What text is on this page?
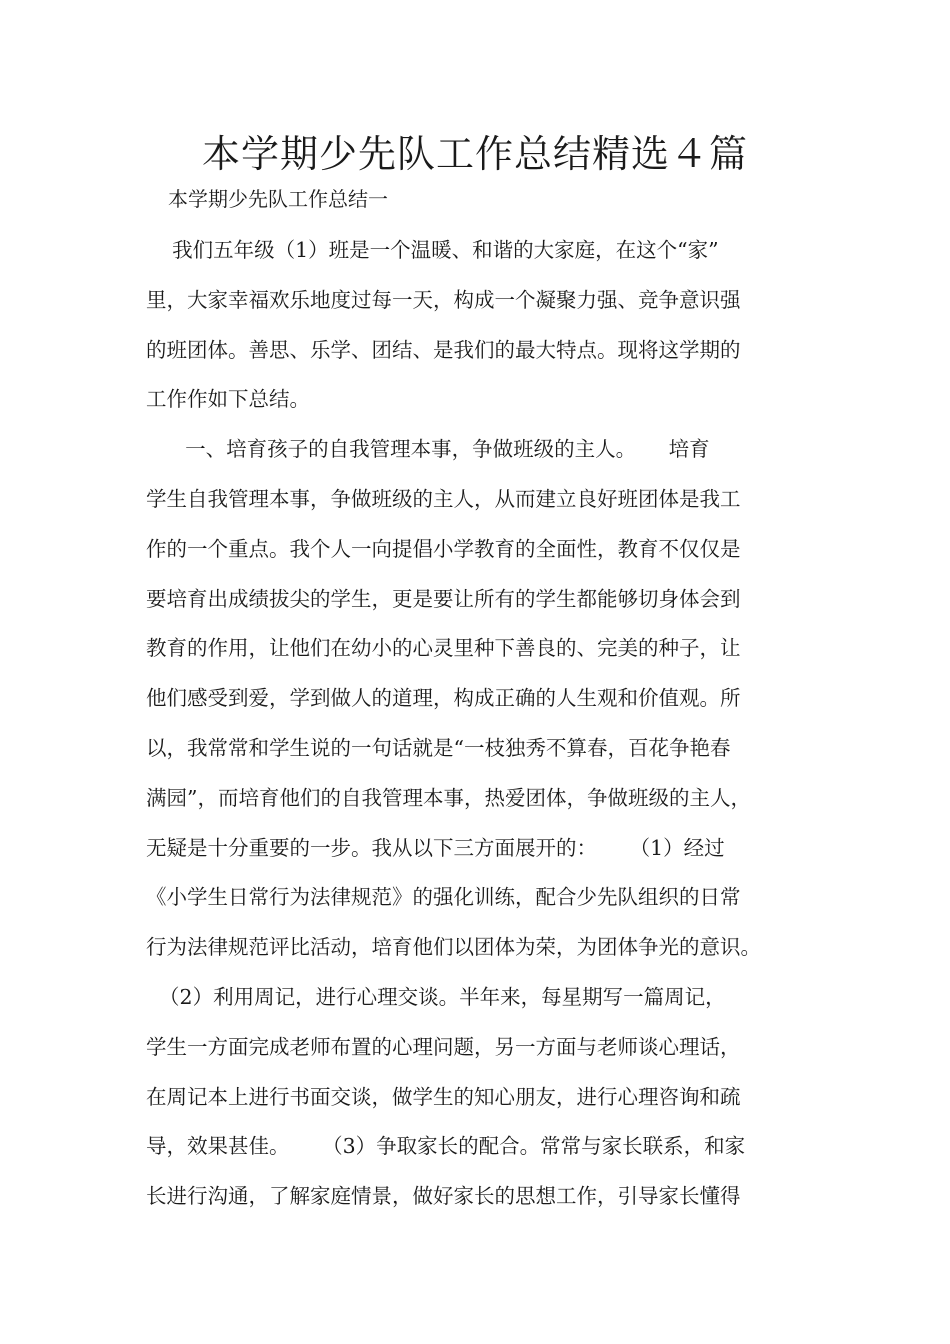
本学期少先队工作总结精选４篇

本学期少先队工作总结一

我们五年级（1）班是一个温暖、和谐的大家庭，在这个“家”
里，大家幸福欢乐地度过每一天，构成一个凝聚力强、竞争意识强
的班团体。善思、乐学、团结、是我们的最大特点。现将这学期的
工作作如下总结。
一、培育孩子的自我管理本事，争做班级的主人。     培育
学生自我管理本事，争做班级的主人，从而建立良好班团体是我工
作的一个重点。我个人一向提倡小学教育的全面性，教育不仅仅是
要培育出成绩拔尖的学生，更是要让所有的学生都能够切身体会到
教育的作用，让他们在幼小的心灵里种下善良的、完美的种子，让
他们感受到爱，学到做人的道理，构成正确的人生观和价值观。所
以，我常常和学生说的一句话就是“一枝独秀不算春，百花争艳春
满园”，而培育他们的自我管理本事，热爱团体，争做班级的主人，
无疑是十分重要的一步。我从以下三方面展开的：     （1）经过
《小学生日常行为法律规范》的强化训练，配合少先队组织的日常
行为法律规范评比活动，培育他们以团体为荣，为团体争光的意识。
（2）利用周记，进行心理交谈。半年来，每星期写一篇周记，
学生一方面完成老师布置的心理问题，另一方面与老师谈心理话，
在周记本上进行书面交谈，做学生的知心朋友，进行心理咨询和疏
导，效果甚佳。     （3）争取家长的配合。常常与家长联系，和家
长进行沟通，了解家庭情景，做好家长的思想工作，引导家长懂得
